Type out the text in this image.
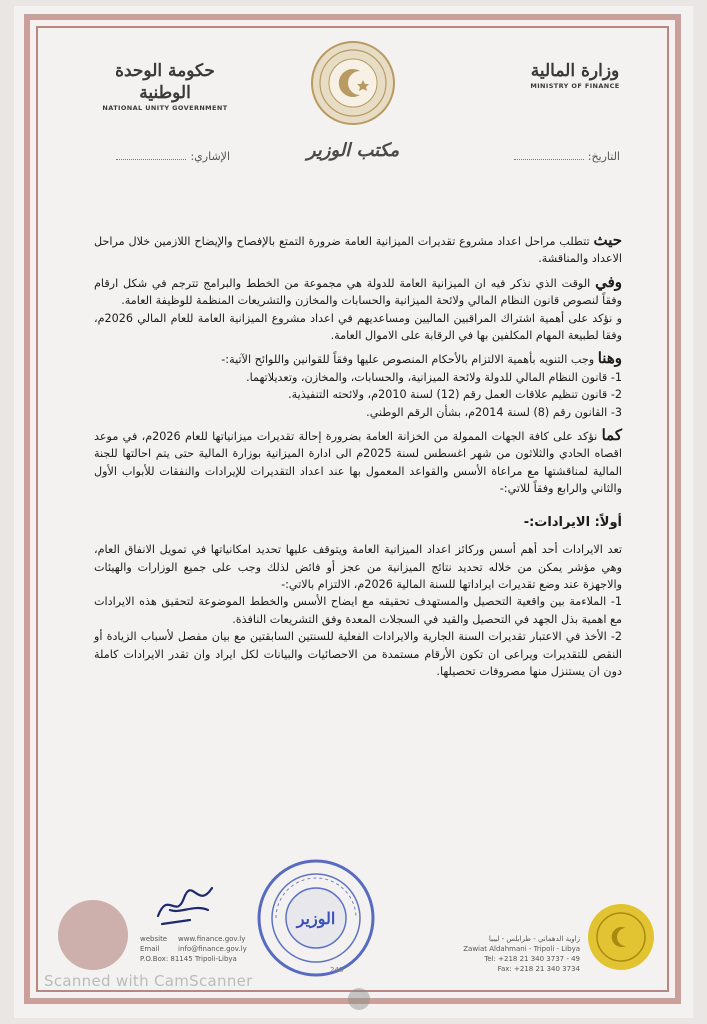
حكومة الوحدة الوطنية
NATIONAL UNITY GOVERNMENT
وزارة المالية
MINISTRY OF FINANCE
مكتب الوزير	التاريخ:
الإشاري:

حيث تتطلب مراحل اعداد مشروع تقديرات الميزانية العامة ضرورة التمتع بالإفصاح والإيضاح اللازمين خلال مراحل الاعداد والمناقشة.

وفي الوقت الذي نذكر فيه ان الميزانية العامة للدولة هي مجموعة من الخطط والبرامج تترجم في شكل ارقام وفقاً لنصوص قانون النظام المالي ولائحة الميزانية والحسابات والمخازن والتشريعات المنظمة للوظيفة العامة.

و نؤكد على أهمية اشتراك المراقبين الماليين ومساعديهم في اعداد مشروع الميزانية العامة للعام المالي 2026م، وفقا لطبيعة المهام المكلفين بها في الرقابة على الاموال العامة.

وهنا وجب التنويه بأهمية الالتزام بالأحكام المنصوص عليها وفقاً للقوانين واللوائح الآتية:-

1- قانون النظام المالي للدولة ولائحة الميزانية، والحسابات، والمخازن، وتعديلاتهما.

2- قانون تنظيم علاقات العمل رقم (12) لسنة 2010م، ولائحته التنفيذية.

3- القانون رقم (8) لسنة 2014م، بشأن الرقم الوطني.

كما نؤكد على كافة الجهات الممولة من الخزانة العامة بضرورة إحالة تقديرات ميزانياتها للعام 2026م، في موعد اقصاه الحادي والثلاثون من شهر اغسطس لسنة 2025م الى ادارة الميزانية بوزارة المالية حتى يتم احالتها للجنة المالية لمناقشتها مع مراعاة الأسس والقواعد المعمول بها عند اعداد التقديرات للإيرادات والنفقات للأبواب الأول والثاني والرابع وفقاً للاتي:-

أولاً: الايرادات:-

تعد الايرادات أحد أهم أسس وركائز اعداد الميزانية العامة ويتوقف عليها تحديد امكانياتها في تمويل الانفاق العام، وهي مؤشر يمكن من خلاله تحديد نتائج الميزانية من عجز أو فائض لذلك وجب على جميع الوزارات والهيئات والاجهزة عند وضع تقديرات ايراداتها للسنة المالية 2026م، الالتزام بالاتي:-

1- الملاءمة بين واقعية التحصيل والمستهدف تحقيقه مع ايضاح الأسس والخطط الموضوعة لتحقيق هذه الايرادات مع اهمية بذل الجهد في التحصيل والقيد في السجلات المعدة وفق التشريعات النافذة.

2- الأخذ في الاعتبار تقديرات السنة الجارية والايرادات الفعلية للسنتين السابقتين مع بيان مفصل لأسباب الزيادة أو النقص للتقديرات ويراعى ان تكون الأرقام مستمدة من الاحصائيات والبيانات لكل ايراد وان تقدر الايرادات كاملة دون ان يستنزل منها مصروفات تحصيلها.

الوزير
website www.finance.gov.ly
Email	info@finance.gov.ly
P.O.Box: 81145 Tripoli-Libya
زاوية الدهماني - طرابلس - ليبيا
Zawiat Aldahmani - Tripoli - Libya
Tel: +218 21 340 3737 - 49
Fax: +218 21 340 3734
248
Scanned with CamScanner
